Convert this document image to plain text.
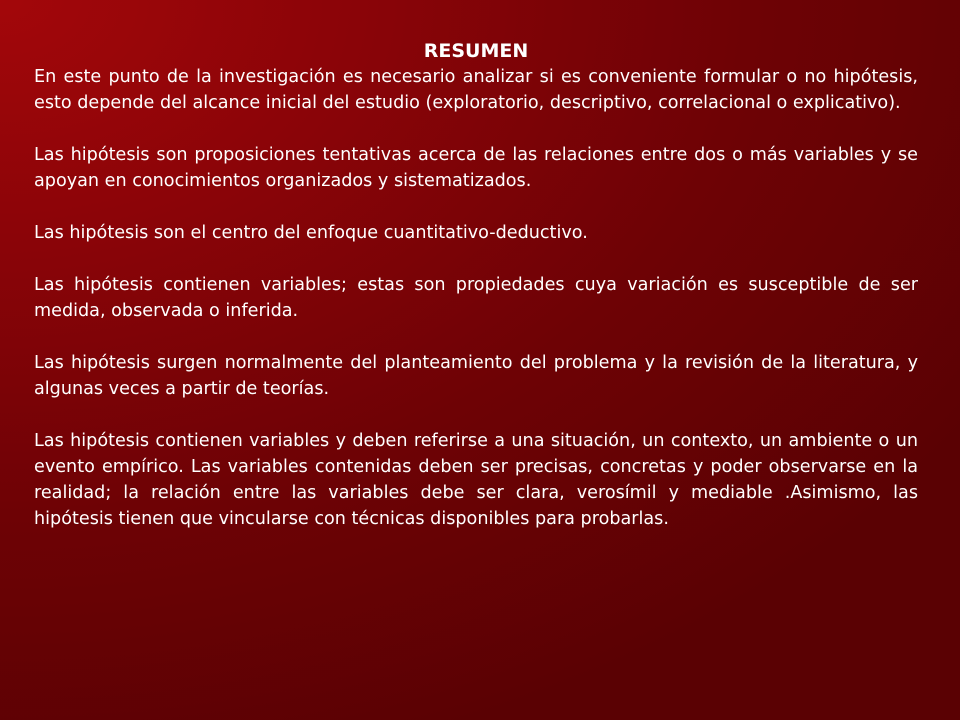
RESUMEN

En este punto de la investigación es necesario analizar si es conveniente formular o no hipótesis, esto depende del alcance inicial del estudio (exploratorio, descriptivo, correlacional o explicativo).

Las hipótesis son proposiciones tentativas acerca de las relaciones entre dos o más variables y se apoyan en conocimientos organizados y sistematizados.

Las hipótesis son el centro del enfoque cuantitativo-deductivo.

Las hipótesis contienen variables; estas son propiedades cuya variación es susceptible de ser medida, observada o inferida.

Las hipótesis surgen normalmente del planteamiento del problema y la revisión de la literatura, y algunas veces a partir de teorías.

Las hipótesis contienen variables y deben referirse a una situación, un contexto, un ambiente o un evento empírico. Las variables contenidas deben ser precisas, concretas y poder observarse en la realidad; la relación entre las variables debe ser clara, verosímil y mediable .Asimismo, las hipótesis tienen que vincularse con técnicas disponibles para probarlas.
